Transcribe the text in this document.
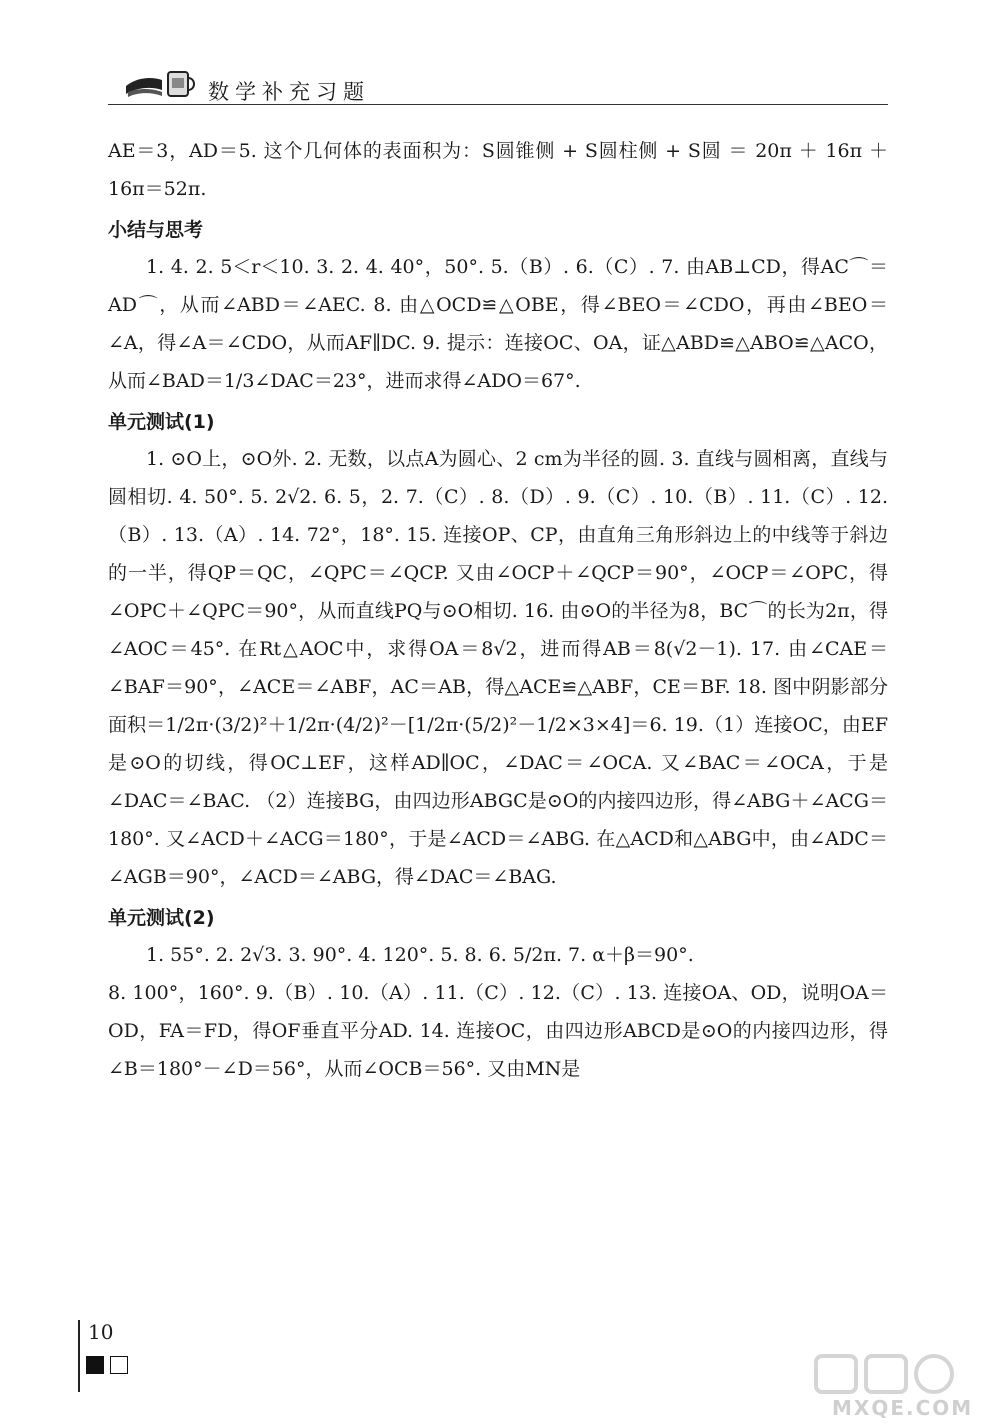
数学补充习题

AE＝3，AD＝5. 这个几何体的表面积为：S圆锥侧 + S圆柱侧 + S圆 ＝ 20π ＋ 16π ＋ 16π＝52π.

小结与思考

1. 4. 2. 5＜r＜10. 3. 2. 4. 40°，50°. 5.（B）. 6.（C）. 7. 由AB⊥CD，得AC⌒＝AD⌒，从而∠ABD＝∠AEC. 8. 由△OCD≌△OBE，得∠BEO＝∠CDO，再由∠BEO＝∠A，得∠A＝∠CDO，从而AF∥DC. 9. 提示：连接OC、OA，证△ABD≌△ABO≌△ACO，从而∠BAD＝1/3∠DAC＝23°，进而求得∠ADO＝67°.

单元测试(1)

1. ⊙O上，⊙O外. 2. 无数，以点A为圆心、2 cm为半径的圆. 3. 直线与圆相离，直线与圆相切. 4. 50°. 5. 2√2. 6. 5，2. 7.（C）. 8.（D）. 9.（C）. 10.（B）. 11.（C）. 12.（B）. 13.（A）. 14. 72°，18°. 15. 连接OP、CP，由直角三角形斜边上的中线等于斜边的一半，得QP＝QC，∠QPC＝∠QCP. 又由∠OCP＋∠QCP＝90°，∠OCP＝∠OPC，得∠OPC＋∠QPC＝90°，从而直线PQ与⊙O相切. 16. 由⊙O的半径为8，BC⌒的长为2π，得∠AOC＝45°. 在Rt△AOC中，求得OA＝8√2，进而得AB＝8(√2－1). 17. 由∠CAE＝∠BAF＝90°，∠ACE＝∠ABF，AC＝AB，得△ACE≌△ABF，CE＝BF. 18. 图中阴影部分面积＝1/2π·(3/2)²＋1/2π·(4/2)²－[1/2π·(5/2)²－1/2×3×4]＝6. 19.（1）连接OC，由EF是⊙O的切线，得OC⊥EF，这样AD∥OC，∠DAC＝∠OCA. 又∠BAC＝∠OCA，于是∠DAC＝∠BAC. （2）连接BG，由四边形ABGC是⊙O的内接四边形，得∠ABG＋∠ACG＝180°. 又∠ACD＋∠ACG＝180°，于是∠ACD＝∠ABG. 在△ACD和△ABG中，由∠ADC＝∠AGB＝90°，∠ACD＝∠ABG，得∠DAC＝∠BAG.

单元测试(2)

1. 55°. 2. 2√3. 3. 90°. 4. 120°. 5. 8. 6. 5/2π. 7. α＋β＝90°.

8. 100°，160°. 9.（B）. 10.（A）. 11.（C）. 12.（C）. 13. 连接OA、OD，说明OA＝OD，FA＝FD，得OF垂直平分AD. 14. 连接OC，由四边形ABCD是⊙O的内接四边形，得∠B＝180°－∠D＝56°，从而∠OCB＝56°. 又由MN是

10
MXQE.COM
